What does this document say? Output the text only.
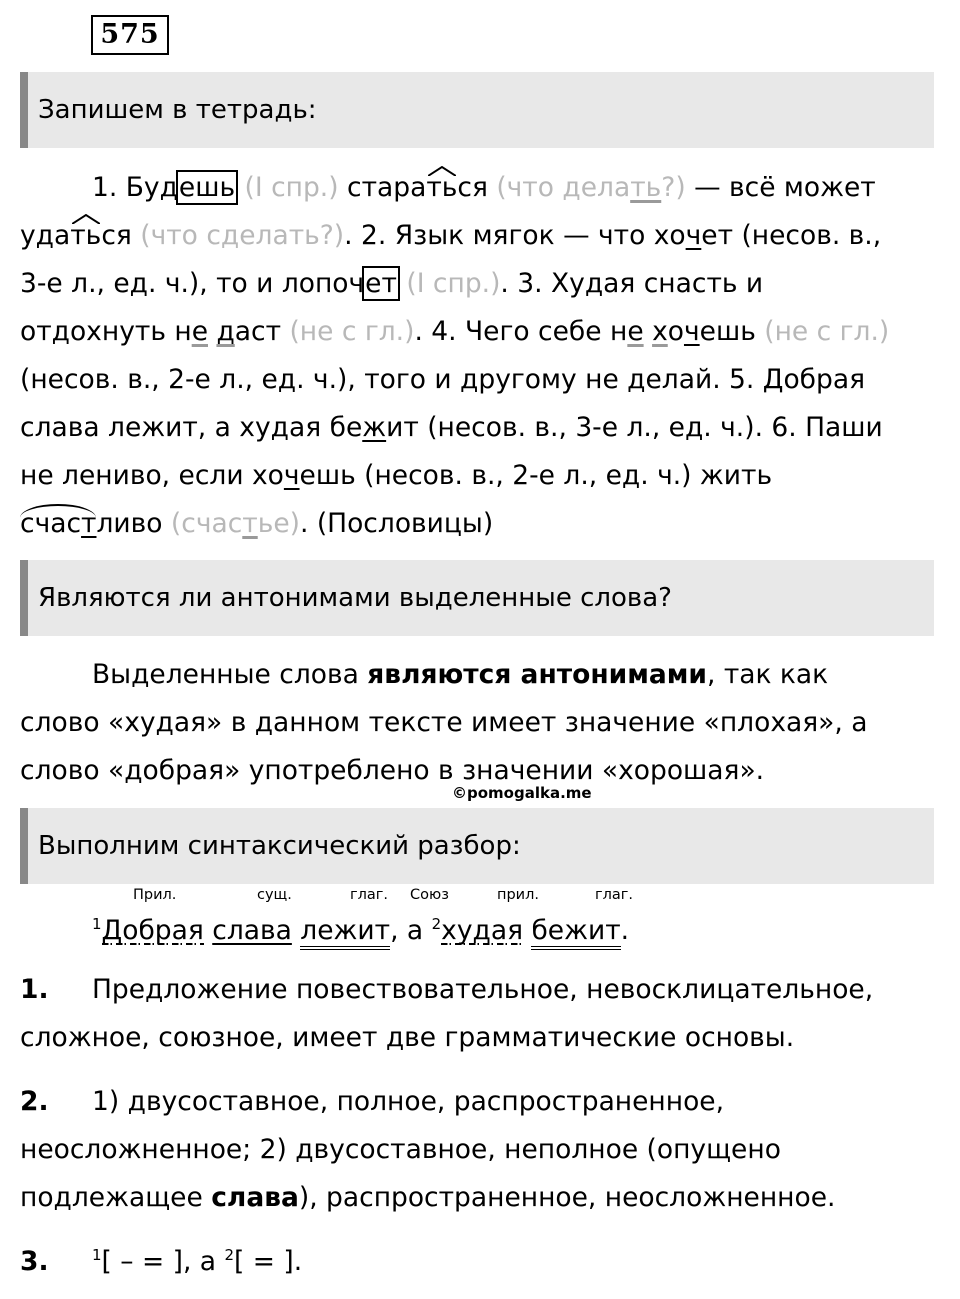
575
Запишем в тетрадь:
1. Будешь (I спр.) стара
ться (что делать?) — всё может
уда
ться (что сделать?). 2. Язык мягок — что хочет (несов. в.,
3-е л., ед. ч.), то и лопочет (I спр.). 3. Худая снасть и
отдохнуть не даст (не с гл.). 4. Чего себе не хочешь (не с гл.)
(несов. в., 2-е л., ед. ч.), того и другому не делай. 5. Добрая
слава лежит, а худая бежит (несов. в., 3-е л., ед. ч.). 6. Паши
не лениво, если хочешь (несов. в., 2-е л., ед. ч.) жить
счастливо (счастье). (Пословицы)
Являются ли антонимами выделенные слова?
Выделенные слова являются антонимами, так как
слово «худая» в данном тексте имеет значение «плохая», а
слово «добрая» употреблено в значении «хорошая».
©pomogalka.me
Выполним синтаксический разбор:
Прил.	сущ.	глаг. Союз	прил.	глаг.
$^1$Добрая слава лежит, а $^2$худая бежит.
1. Предложение повествовательное, невосклицательное,
сложное, союзное, имеет две грамматические основы.
2. 1) двусоставное, полное, распространенное,
неосложненное; 2) двусоставное, неполное (опущено
подлежащее слава), распространенное, неосложненное.
3.	$^1$[ – = ], а $^2$[ = ].
